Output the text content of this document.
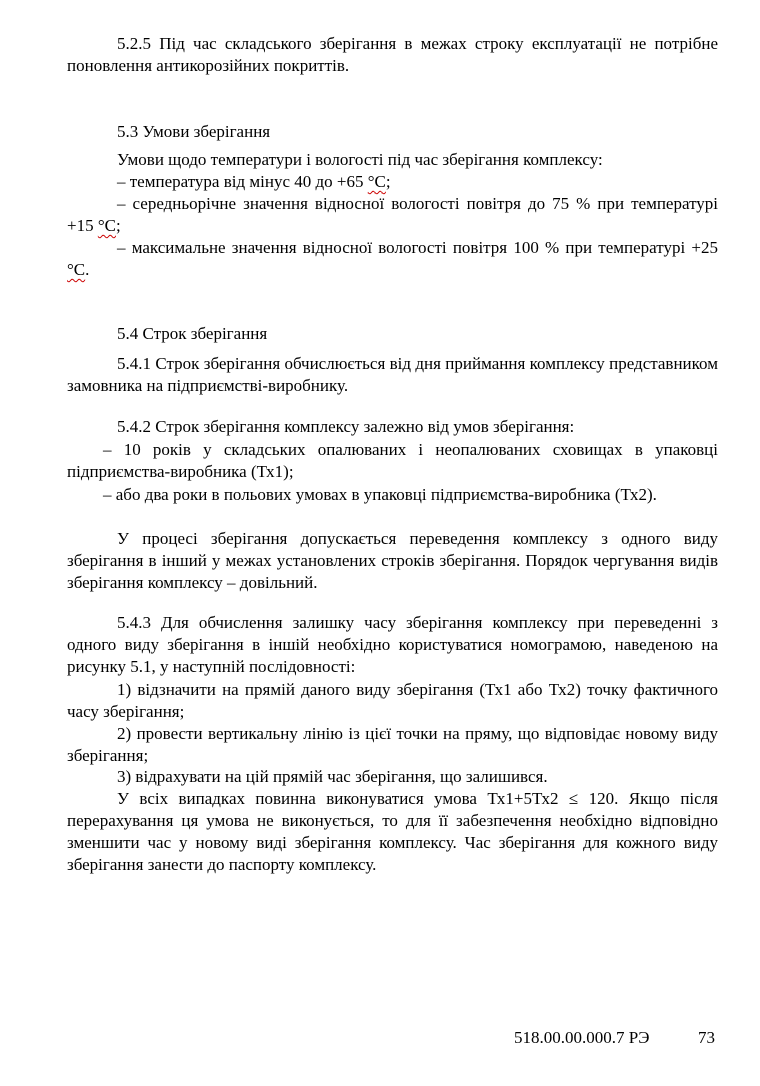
5.2.5 Під час складського зберігання в межах строку експлуатації не потрібне поновлення антикорозійних покриттів.

5.3 Умови зберігання

Умови щодо температури і вологості під час зберігання комплексу:

– температура від мінус 40 до +65 °С;

– середньорічне значення відносної вологості повітря до 75 % при температурі +15 °С;

– максимальне значення відносної вологості повітря 100 % при температурі +25 °С.

5.4 Строк зберігання

5.4.1 Строк зберігання обчислюється від дня приймання комплексу представником замовника на підприємстві-виробнику.

5.4.2 Строк зберігання комплексу залежно від умов зберігання:

– 10 років у складських опалюваних і неопалюваних сховищах в упаковці підприємства-виробника (Тх1);

– або два роки в польових умовах в упаковці підприємства-виробника (Тх2).

У процесі зберігання допускається переведення комплексу з одного виду зберігання в інший у межах установлених строків зберігання. Порядок чергування видів зберігання комплексу – довільний.

5.4.3 Для обчислення залишку часу зберігання комплексу при переведенні з одного виду зберігання в іншій необхідно користуватися номограмою, наведеною на рисунку 5.1, у наступній послідовності:

1) відзначити на прямій даного виду зберігання (Тх1 або Тх2) точку фактичного часу зберігання;

2) провести вертикальну лінію із цієї точки на пряму, що відповідає новому виду зберігання;

3) відрахувати на цій прямій час зберігання, що залишився.

У всіх випадках повинна виконуватися умова Тх1+5Тх2 ≤ 120. Якщо після перерахування ця умова не виконується, то для її забезпечення необхідно відповідно зменшити час у новому виді зберігання комплексу. Час зберігання для кожного виду зберігання занести до паспорту комплексу.

518.00.00.000.7 РЭ	73
